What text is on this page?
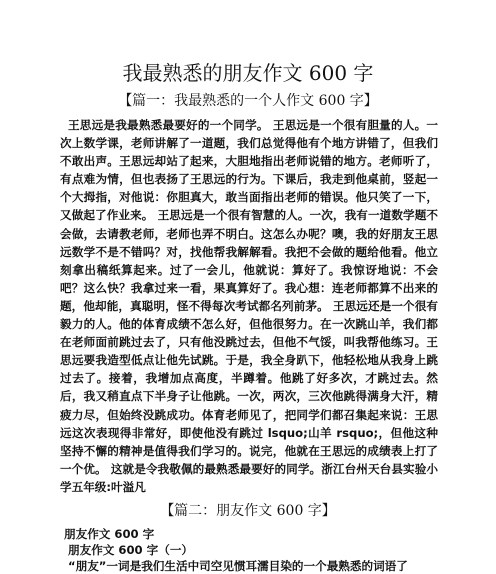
我最熟悉的朋友作文 600 字
【篇一：我最熟悉的一个人作文 600 字】

王思远是我最熟悉最要好的一个同学。 王思远是一个很有胆量的人。一次上数学课，老师讲解了一道题，我们总觉得他有个地方讲错了，但我们不敢出声。王思远却站了起来，大胆地指出老师说错的地方。老师听了，有点难为情，但也表扬了王思远的行为。下课后，我走到他桌前，竖起一个大拇指，对他说：你胆真大，敢当面指出老师的错误。他只笑了一下，又做起了作业来。 王思远是一个很有智慧的人。一次，我有一道数学题不会做，去请教老师，老师也弄不明白。这怎么办呢？噢，我的好朋友王思远数学不是不错吗？对，找他帮我解解看。我把不会做的题给他看。他立刻拿出稿纸算起来。过了一会儿，他就说：算好了。我惊讶地说：不会吧？这么快？我拿过来一看，果真算好了。我心想：连老师都算不出来的题，他却能，真聪明，怪不得每次考试都名列前茅。 王思远还是一个很有毅力的人。他的体育成绩不怎么好，但他很努力。在一次跳山羊，我们都在老师面前跳过去了，只有他没跳过去，但他不气馁，叫我帮他练习。王思远要我造型低点让他先试跳。于是，我全身趴下，他轻松地从我身上跳过去了。接着，我增加点高度，半蹲着。他跳了好多次，才跳过去。然后，我又稍直点下半身子让他跳。一次，两次，三次他跳得满身大汗，精疲力尽，但始终没跳成功。体育老师见了，把同学们都召集起来说：王思远这次表现得非常好，即使他没有跳过 lsquo;山羊 rsquo;，但他这种坚持不懈的精神是值得我们学习的。说完，他就在王思远的成绩表上打了一个优。 这就是令我敬佩的最熟悉最要好的同学。浙江台州天台县实验小学五年级:叶溢凡

【篇二：朋友作文 600 字】

朋友作文 600 字

朋友作文 600 字（一）

“朋友”一词是我们生活中司空见惯耳濡目染的一个最熟悉的词语了
